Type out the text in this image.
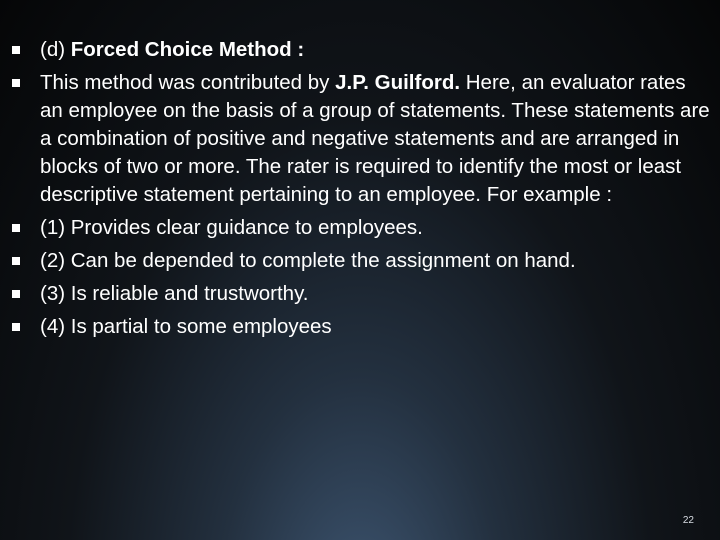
(d) Forced Choice Method :
This method was contributed by J.P. Guilford. Here, an evaluator rates an employee on the basis of a group of statements. These statements are a combination of positive and negative statements and are arranged in blocks of two or more. The rater is required to identify the most or least descriptive statement pertaining to an employee. For example :
(1) Provides clear guidance to employees.
(2) Can be depended to complete the assignment on hand.
(3) Is reliable and trustworthy.
(4) Is partial to some employees
22
